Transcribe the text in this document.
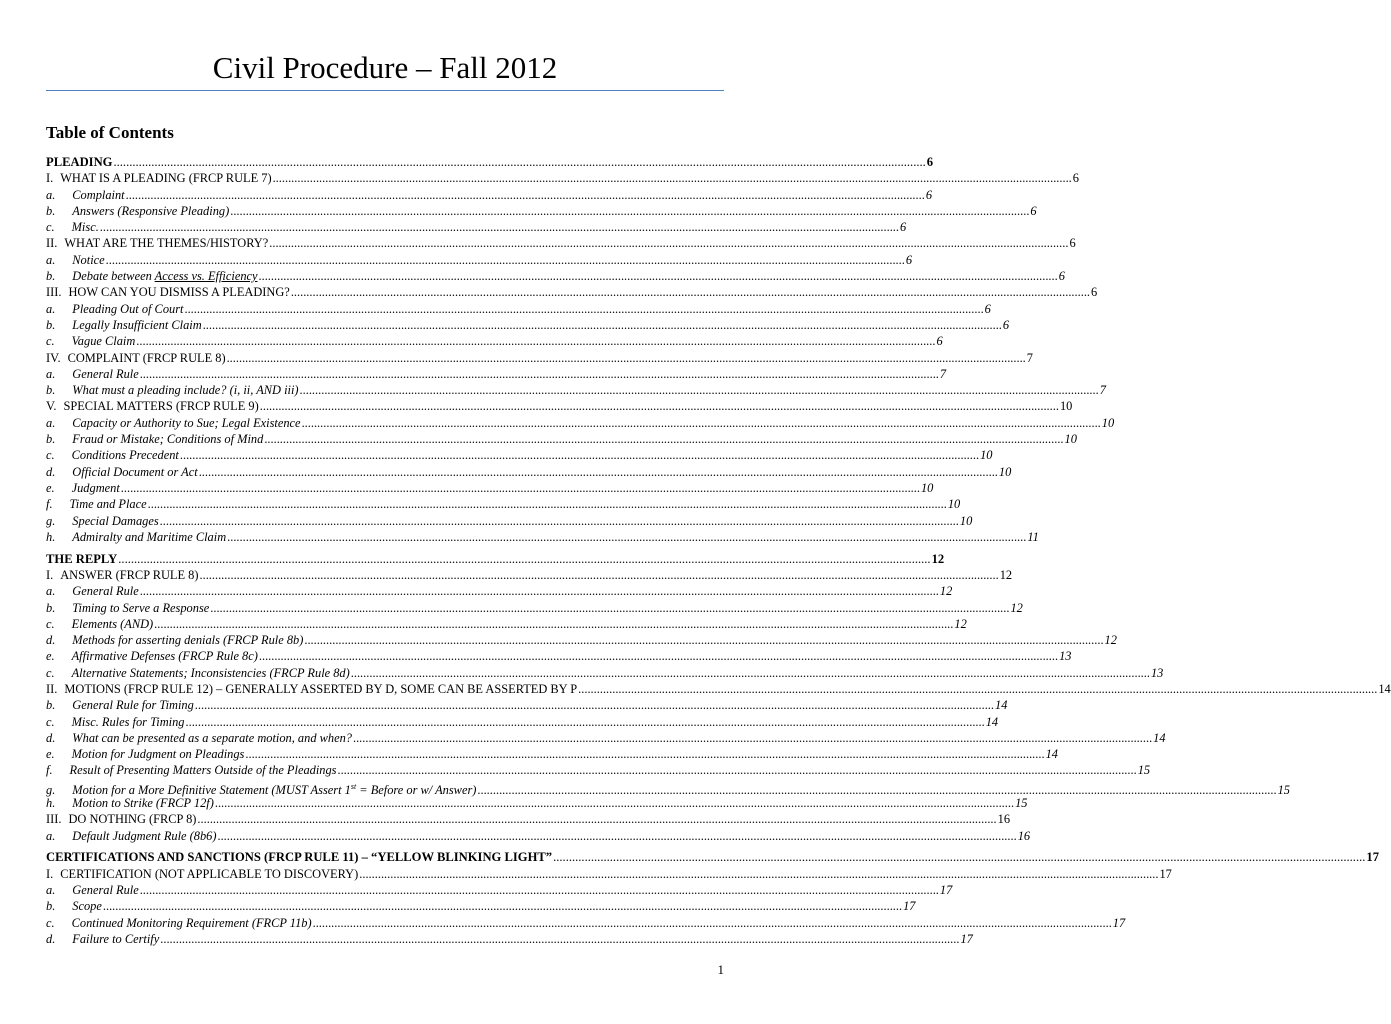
Civil Procedure – Fall 2012
Table of Contents
PLEADING .....	6
I. WHAT IS A PLEADING (FRCP RULE 7) .....	6
a.	Complaint .....	6
b.	Answers (Responsive Pleading) .....	6
c.	Misc. .....	6
II. WHAT ARE THE THEMES/HISTORY? .....	6
a.	Notice .....	6
b.	Debate between Access vs. Efficiency .....	6
III. HOW CAN YOU DISMISS A PLEADING? .....	6
a.	Pleading Out of Court .....	6
b.	Legally Insufficient Claim .....	6
c.	Vague Claim .....	6
IV. COMPLAINT (FRCP RULE 8) .....	7
a.	General Rule .....	7
b.	What must a pleading include? (i, ii, AND iii) .....	7
V. SPECIAL MATTERS (FRCP RULE 9) .....	10
a.	Capacity or Authority to Sue; Legal Existence .....	10
b.	Fraud or Mistake; Conditions of Mind .....	10
c.	Conditions Precedent .....	10
d.	Official Document or Act .....	10
e.	Judgment .....	10
f.	Time and Place .....	10
g.	Special Damages .....	10
h.	Admiralty and Maritime Claim .....	11
THE REPLY .....	12
I. ANSWER (FRCP RULE 8) .....	12
a.	General Rule .....	12
b.	Timing to Serve a Response .....	12
c.	Elements (AND) .....	12
d.	Methods for asserting denials (FRCP Rule 8b) .....	12
e.	Affirmative Defenses (FRCP Rule 8c) .....	13
c.	Alternative Statements; Inconsistencies (FRCP Rule 8d) .....	13
II. MOTIONS (FRCP RULE 12) – GENERALLY ASSERTED BY D, SOME CAN BE ASSERTED BY P .....	14
b.	General Rule for Timing .....	14
c.	Misc. Rules for Timing .....	14
d.	What can be presented as a separate motion, and when? .....	14
e.	Motion for Judgment on Pleadings .....	14
f.	Result of Presenting Matters Outside of the Pleadings .....	15
g.	Motion for a More Definitive Statement (MUST Assert 1st = Before or w/ Answer) .....	15
h.	Motion to Strike (FRCP 12f) .....	15
III. DO NOTHING (FRCP 8) .....	16
a.	Default Judgment Rule (8b6) .....	16
CERTIFICATIONS AND SANCTIONS (FRCP RULE 11) – “YELLOW BLINKING LIGHT” .....	17
I. CERTIFICATION (NOT APPLICABLE TO DISCOVERY) .....	17
a.	General Rule .....	17
b.	Scope .....	17
c.	Continued Monitoring Requirement (FRCP 11b) .....	17
d.	Failure to Certify .....	17
1
